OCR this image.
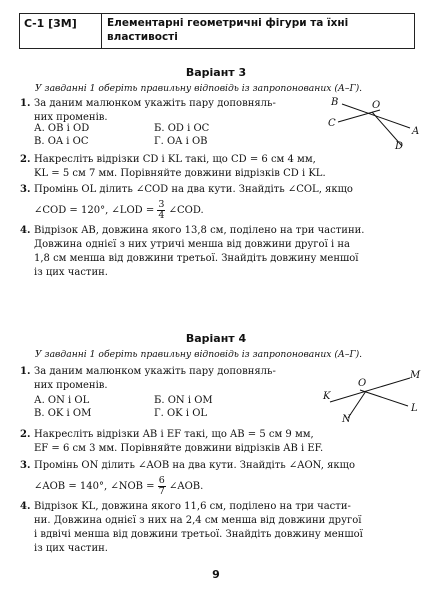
С-1 [3М]	Елементарні геометричні фігури та їхні
властивості
Варіант 3
У завданні 1 оберіть правильну відповідь із запропонованих (А–Г).
1. За даним малюнком укажіть пару доповняль-
них променів.
А. OB і OD	Б. OD і OC
В. OA і OC	Г. OA і OB
B	O
C
A
D
2. Накресліть відрізки CD і KL такі, що CD = 6 см 4 мм,
KL = 5 см 7 мм. Порівняйте довжини відрізків CD і KL.
3. Промінь OL ділить ∠COD на два кути. Знайдіть ∠COL, якщо
∠COD = 120°, ∠LOD = $\frac{3}{4}$ ∠COD.
4. Відрізок AB, довжина якого 13,8 см, поділено на три частини.
Довжина однієї з них утричі менша від довжини другої і на
1,8 см менша від довжини третьої. Знайдіть довжину меншої
із цих частин.
Варіант 4
У завданні 1 оберіть правильну відповідь із запропонованих (А–Г).
1. За даним малюнком укажіть пару доповняль-
них променів.
А. ON і OL	Б. ON і OM
В. OK і OM	Г. OK і OL
M
O
K
L
N
2. Накресліть відрізки AB і EF такі, що AB = 5 см 9 мм,
EF = 6 см 3 мм. Порівняйте довжини відрізків AB і EF.
3. Промінь ON ділить ∠AOB на два кути. Знайдіть ∠AON, якщо
∠AOB = 140°, ∠NOB = $\frac{6}{7}$ ∠AOB.
4. Відрізок KL, довжина якого 11,6 см, поділено на три части-
ни. Довжина однієї з них на 2,4 см менша від довжини другої
і вдвічі менша від довжини третьої. Знайдіть довжину меншої
із цих частин.
9
